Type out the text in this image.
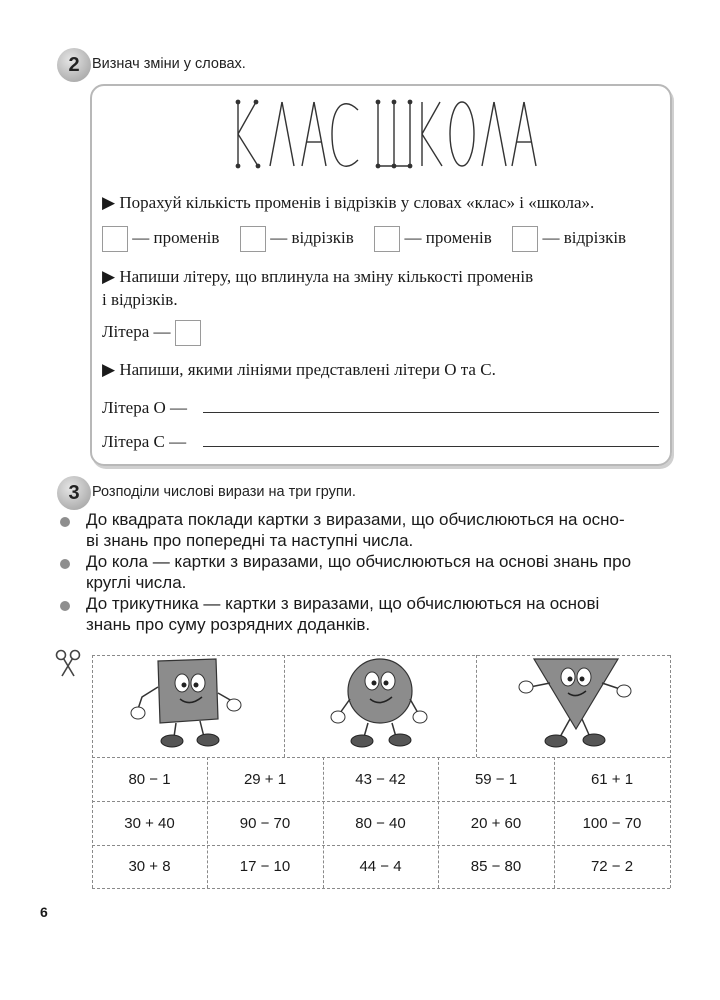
2 Визнач зміни у словах.
▶ Порахуй кількість променів і відрізків у словах «клас» і «школа».
— променів	— відрізків	— променів	— відрізків
▶ Напиши літеру, що вплинула на зміну кількості променів
і відрізків.
Літера —
▶ Напиши, якими лініями представлені літери О та С.
Літера О —
Літера С —
3 Розподіли числові вирази на три групи.
До квадрата поклади картки з виразами, що обчислюються на осно-
ві знань про попередні та наступні числа.
До кола — картки з виразами, що обчислюються на основі знань про
круглі числа.
До трикутника — картки з виразами, що обчислюються на основі
знань про суму розрядних доданків.
80 − 1	29 + 1	43 − 42	59 − 1	61 + 1
30 + 40	90 − 70	80 − 40	20 + 60	100 − 70
30 + 8	17 − 10	44 − 4	85 − 80	72 − 2
6
